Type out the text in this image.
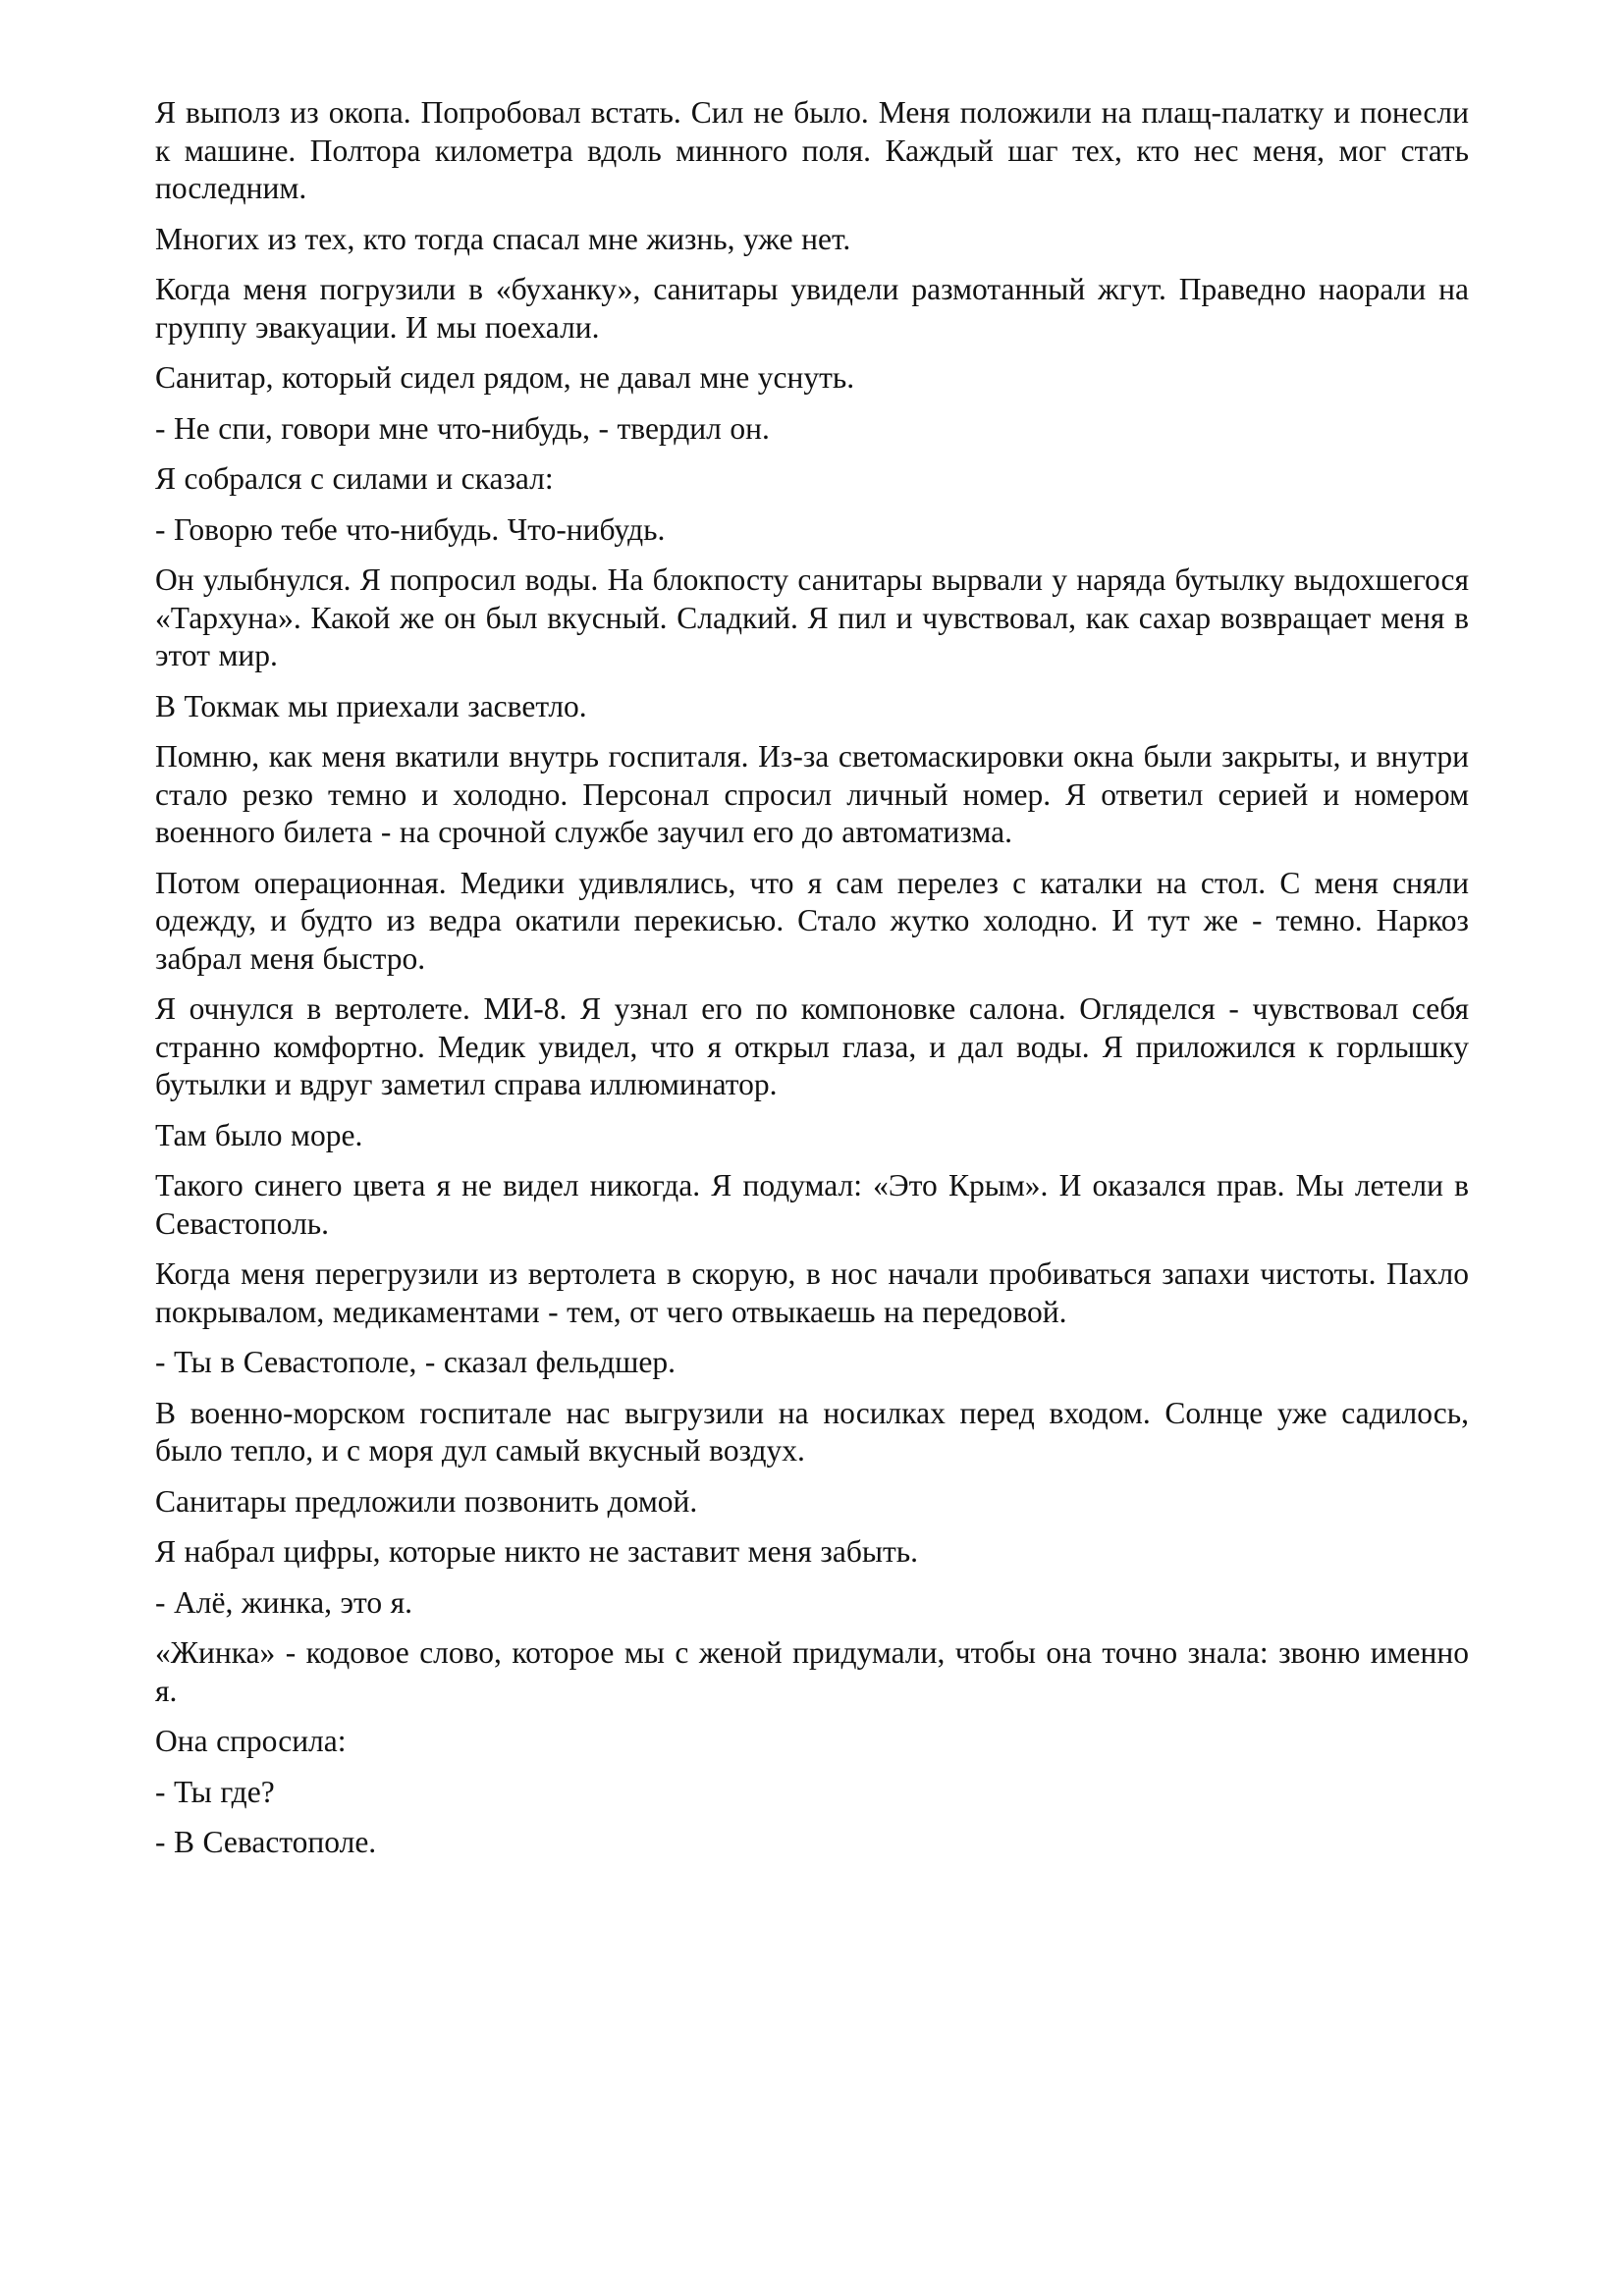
Я выполз из окопа. Попробовал встать. Сил не было. Меня положили на плащ-палатку и понесли к машине. Полтора километра вдоль минного поля. Каждый шаг тех, кто нес меня, мог стать последним.

Многих из тех, кто тогда спасал мне жизнь, уже нет.

Когда меня погрузили в «буханку», санитары увидели размотанный жгут. Праведно наорали на группу эвакуации. И мы поехали.

Санитар, который сидел рядом, не давал мне уснуть.

- Не спи, говори мне что-нибудь, - твердил он.

Я собрался с силами и сказал:

- Говорю тебе что-нибудь. Что-нибудь.

Он улыбнулся. Я попросил воды. На блокпосту санитары вырвали у наряда бутылку выдохшегося «Тархуна». Какой же он был вкусный. Сладкий. Я пил и чувствовал, как сахар возвращает меня в этот мир.

В Токмак мы приехали засветло.

Помню, как меня вкатили внутрь госпиталя. Из-за светомаскировки окна были закрыты, и внутри стало резко темно и холодно. Персонал спросил личный номер. Я ответил серией и номером военного билета - на срочной службе заучил его до автоматизма.

Потом операционная. Медики удивлялись, что я сам перелез с каталки на стол. С меня сняли одежду, и будто из ведра окатили перекисью. Стало жутко холодно. И тут же - темно. Наркоз забрал меня быстро.

Я очнулся в вертолете. МИ-8. Я узнал его по компоновке салона. Огляделся - чувствовал себя странно комфортно. Медик увидел, что я открыл глаза, и дал воды. Я приложился к горлышку бутылки и вдруг заметил справа иллюминатор.

Там было море.

Такого синего цвета я не видел никогда. Я подумал: «Это Крым». И оказался прав. Мы летели в Севастополь.

Когда меня перегрузили из вертолета в скорую, в нос начали пробиваться запахи чистоты. Пахло покрывалом, медикаментами - тем, от чего отвыкаешь на передовой.

- Ты в Севастополе, - сказал фельдшер.

В военно-морском госпитале нас выгрузили на носилках перед входом. Солнце уже садилось, было тепло, и с моря дул самый вкусный воздух.

Санитары предложили позвонить домой.

Я набрал цифры, которые никто не заставит меня забыть.

- Алё, жинка, это я.

«Жинка» - кодовое слово, которое мы с женой придумали, чтобы она точно знала: звоню именно я.

Она спросила:

- Ты где?

- В Севастополе.
